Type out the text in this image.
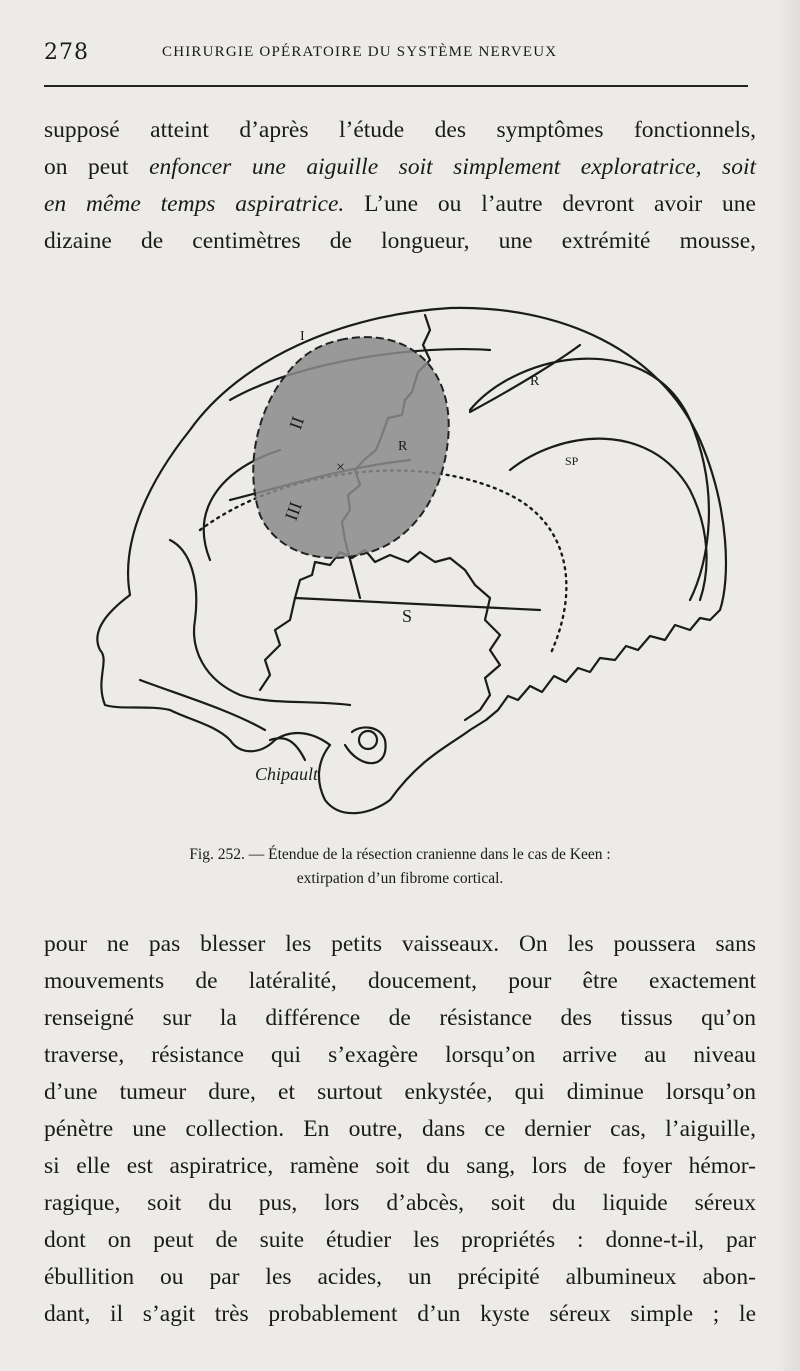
278	CHIRURGIE OPÉRATOIRE DU SYSTÈME NERVEUX
supposé atteint d’après l’étude des symptômes fonctionnels,
on peut enfoncer une aiguille soit simplement exploratrice, soit
en même temps aspiratrice. L’une ou l’autre devront avoir une
dizaine de centimètres de longueur, une extrémité mousse,
I
II
III
R
R
SP
S
×
Chipault
Fig. 252. — Étendue de la résection cranienne dans le cas de Keen :
extirpation d’un fibrome cortical.
pour ne pas blesser les petits vaisseaux. On les poussera sans
mouvements de latéralité, doucement, pour être exactement
renseigné sur la différence de résistance des tissus qu’on
traverse, résistance qui s’exagère lorsqu’on arrive au niveau
d’une tumeur dure, et surtout enkystée, qui diminue lorsqu’on
pénètre une collection. En outre, dans ce dernier cas, l’aiguille,
si elle est aspiratrice, ramène soit du sang, lors de foyer hémor-
ragique, soit du pus, lors d’abcès, soit du liquide séreux
dont on peut de suite étudier les propriétés : donne-t-il, par
ébullition ou par les acides, un précipité albumineux abon-
dant, il s’agit très probablement d’un kyste séreux simple ; le
